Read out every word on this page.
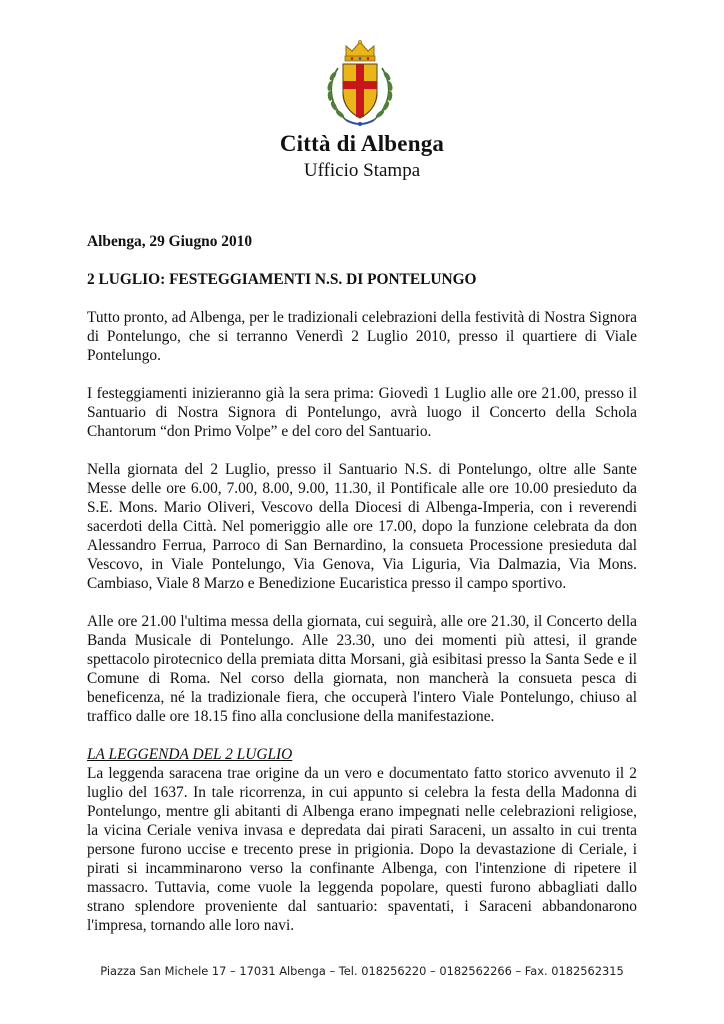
Città di Albenga
Ufficio Stampa

Albenga, 29 Giugno 2010

2 LUGLIO: FESTEGGIAMENTI N.S. DI PONTELUNGO

Tutto pronto, ad Albenga, per le tradizionali celebrazioni della festività di Nostra Signora di Pontelungo, che si terranno Venerdì 2 Luglio 2010, presso il quartiere di Viale Pontelungo.

I festeggiamenti inizieranno già la sera prima: Giovedì 1 Luglio alle ore 21.00, presso il Santuario di Nostra Signora di Pontelungo, avrà luogo il Concerto della Schola Chantorum “don Primo Volpe” e del coro del Santuario.

Nella giornata del 2 Luglio, presso il Santuario N.S. di Pontelungo, oltre alle Sante Messe delle ore 6.00, 7.00, 8.00, 9.00, 11.30, il Pontificale alle ore 10.00 presieduto da S.E. Mons. Mario Oliveri, Vescovo della Diocesi di Albenga-Imperia, con i reverendi sacerdoti della Città. Nel pomeriggio alle ore 17.00, dopo la funzione celebrata da don Alessandro Ferrua, Parroco di San Bernardino, la consueta Processione presieduta dal Vescovo, in Viale Pontelungo, Via Genova, Via Liguria, Via Dalmazia, Via Mons. Cambiaso, Viale 8 Marzo e Benedizione Eucaristica presso il campo sportivo.

Alle ore 21.00 l'ultima messa della giornata, cui seguirà, alle ore 21.30, il Concerto della Banda Musicale di Pontelungo. Alle 23.30, uno dei momenti più attesi, il grande spettacolo pirotecnico della premiata ditta Morsani, già esibitasi presso la Santa Sede e il Comune di Roma. Nel corso della giornata, non mancherà la consueta pesca di beneficenza, né la tradizionale fiera, che occuperà l'intero Viale Pontelungo, chiuso al traffico dalle ore 18.15 fino alla conclusione della manifestazione.

LA LEGGENDA DEL 2 LUGLIO

La leggenda saracena trae origine da un vero e documentato fatto storico avvenuto il 2 luglio del 1637. In tale ricorrenza, in cui appunto si celebra la festa della Madonna di Pontelungo, mentre gli abitanti di Albenga erano impegnati nelle celebrazioni religiose, la vicina Ceriale veniva invasa e depredata dai pirati Saraceni, un assalto in cui trenta persone furono uccise e trecento prese in prigionia. Dopo la devastazione di Ceriale, i pirati si incamminarono verso la confinante Albenga, con l'intenzione di ripetere il massacro. Tuttavia, come vuole la leggenda popolare, questi furono abbagliati dallo strano splendore proveniente dal santuario: spaventati, i Saraceni abbandonarono l'impresa, tornando alle loro navi.

Piazza San Michele 17 – 17031 Albenga – Tel. 018256220 – 0182562266 – Fax. 0182562315
